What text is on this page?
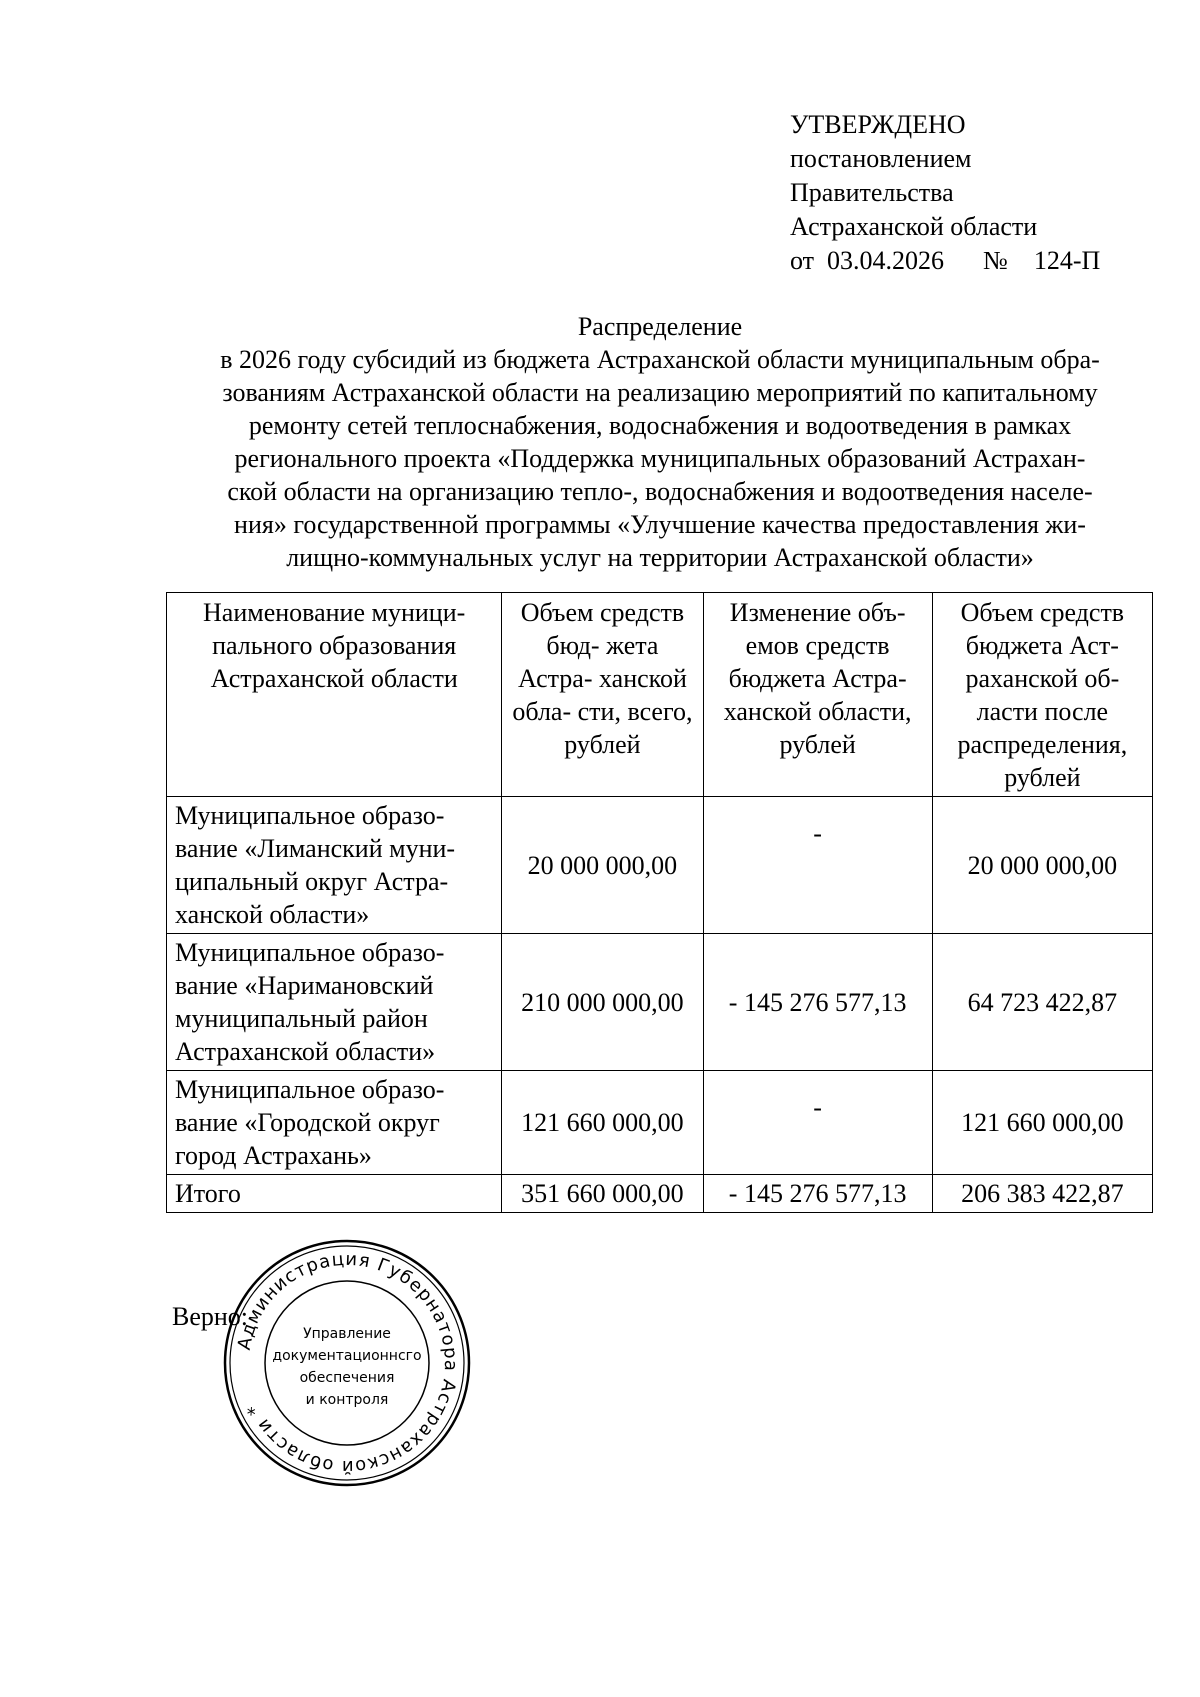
УТВЕРЖДЕНО
постановлением
Правительства
Астраханской области
от 03.04.2026 № 124-П
Распределение
в 2026 году субсидий из бюджета Астраханской области муниципальным обра-
зованиям Астраханской области на реализацию мероприятий по капитальному
ремонту сетей теплоснабжения, водоснабжения и водоотведения в рамках
регионального проекта «Поддержка муниципальных образований Астрахан-
ской области на организацию тепло-, водоснабжения и водоотведения населе-
ния» государственной программы «Улучшение качества предоставления жи-
лищно-коммунальных услуг на территории Астраханской области»
Наименование муници- пального образования Астраханской области	Объем средств бюд- жета Астра- ханской обла- сти, всего, рублей	Изменение объ- емов средств бюджета Астра- ханской области, рублей	Объем средств бюджета Аст- раханской об- ласти после распределения, рублей
Муниципальное образо- вание «Лиманский муни- ципальный округ Астра- ханской области»	20 000 000,00	-	20 000 000,00
Муниципальное образо- вание «Наримановский муниципальный район Астраханской области»	210 000 000,00	- 145 276 577,13	64 723 422,87
Муниципальное образо- вание «Городской округ город Астрахань»	121 660 000,00	-	121 660 000,00
Итого	351 660 000,00	- 145 276 577,13	206 383 422,87
Верно:
Администрация Губернатора Астраханской области *
Управление
документационнcго
обеспечения
и контроля
